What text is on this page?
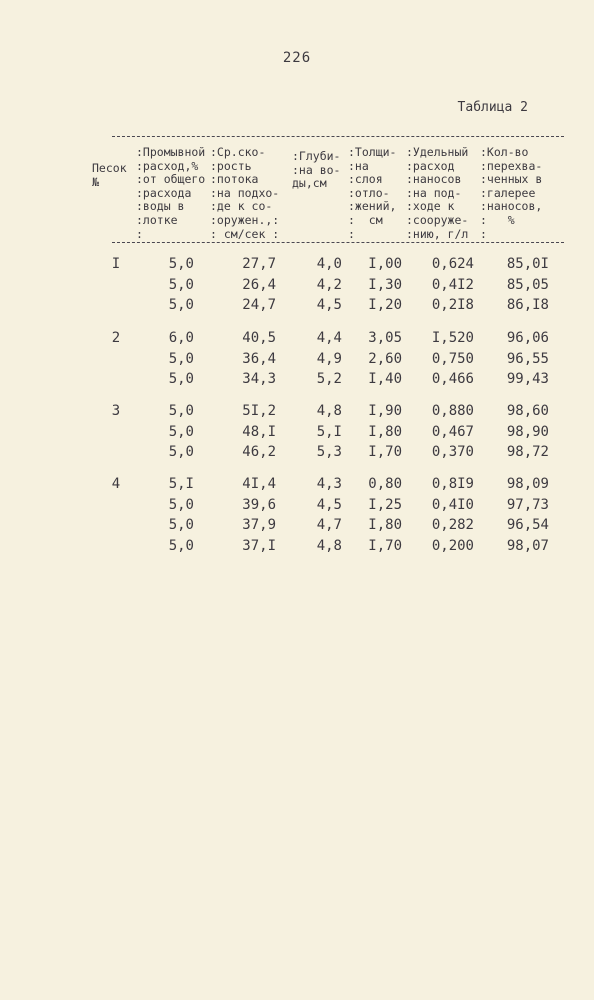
226
Таблица 2
Песок
№
:Промывной
:расход,%
:от общего
:расхода
:воды в
:лотке
:
:Ср.ско-
:рость
:потока
:на подхо-
:де к со-
:оружен.,:
: см/сек :
:Глуби-
:на во-
ды,см
:Толщи-
:на
:слоя
:отло-
:жений,
:  см
:
:Удельный
:расход
:наносов
:на под-
:ходе к
:сооруже-
:нию, г/л
:Кол-во
:перехва-
:ченных в
:галерее
:наносов,
:   %
:
I	5,0	27,7	4,0	I,00	0,624	85,0I
5,0	26,4	4,2	I,30	0,4I2	85,05
5,0	24,7	4,5	I,20	0,2I8	86,I8
2	6,0	40,5	4,4	3,05	I,520	96,06
5,0	36,4	4,9	2,60	0,750	96,55
5,0	34,3	5,2	I,40	0,466	99,43
3	5,0	5I,2	4,8	I,90	0,880	98,60
5,0	48,I	5,I	I,80	0,467	98,90
5,0	46,2	5,3	I,70	0,370	98,72
4	5,I	4I,4	4,3	0,80	0,8I9	98,09
5,0	39,6	4,5	I,25	0,4I0	97,73
5,0	37,9	4,7	I,80	0,282	96,54
5,0	37,I	4,8	I,70	0,200	98,07
